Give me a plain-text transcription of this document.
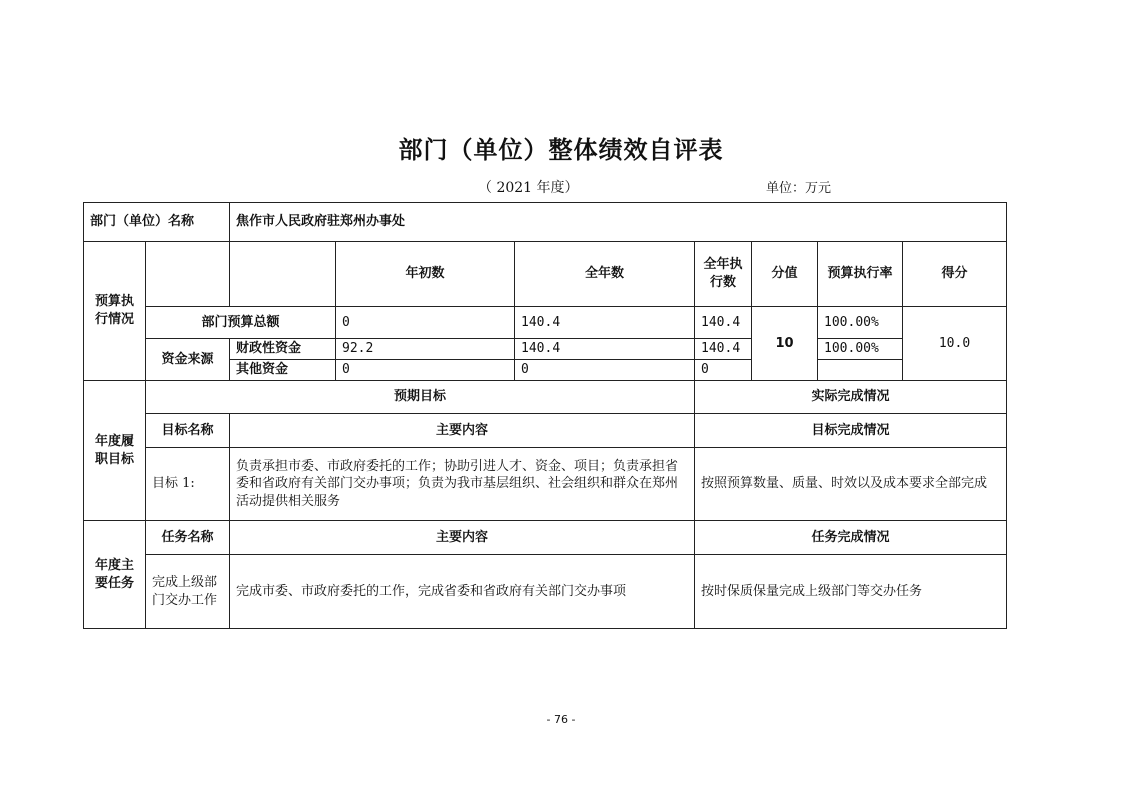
部门（单位）整体绩效自评表
（ 2021 年度）	单位：万元
部门（单位）名称		焦作市人民政府驻郑州办事处						
预算执行情况			年初数	全年数	全年执行数	分值	预算执行率	得分
	部门预算总额		0	140.4	140.4	10	100.00%	10.0
	资金来源	财政性资金	92.2	140.4	140.4		100.00%	
		其他资金	0	0	0			
年度履职目标	预期目标				实际完成情况			
	目标名称	主要内容			目标完成情况			
	目标 1:	负责承担市委、市政府委托的工作；协助引进人才、资金、项目；负责承担省委和省政府有关部门交办事项；负责为我市基层组织、社会组织和群众在郑州活动提供相关服务			按照预算数量、质量、时效以及成本要求全部完成			
年度主要任务	任务名称	主要内容			任务完成情况			
	完成上级部门交办工作	完成市委、市政府委托的工作，完成省委和省政府有关部门交办事项			按时保质保量完成上级部门等交办任务			
- 76 -
